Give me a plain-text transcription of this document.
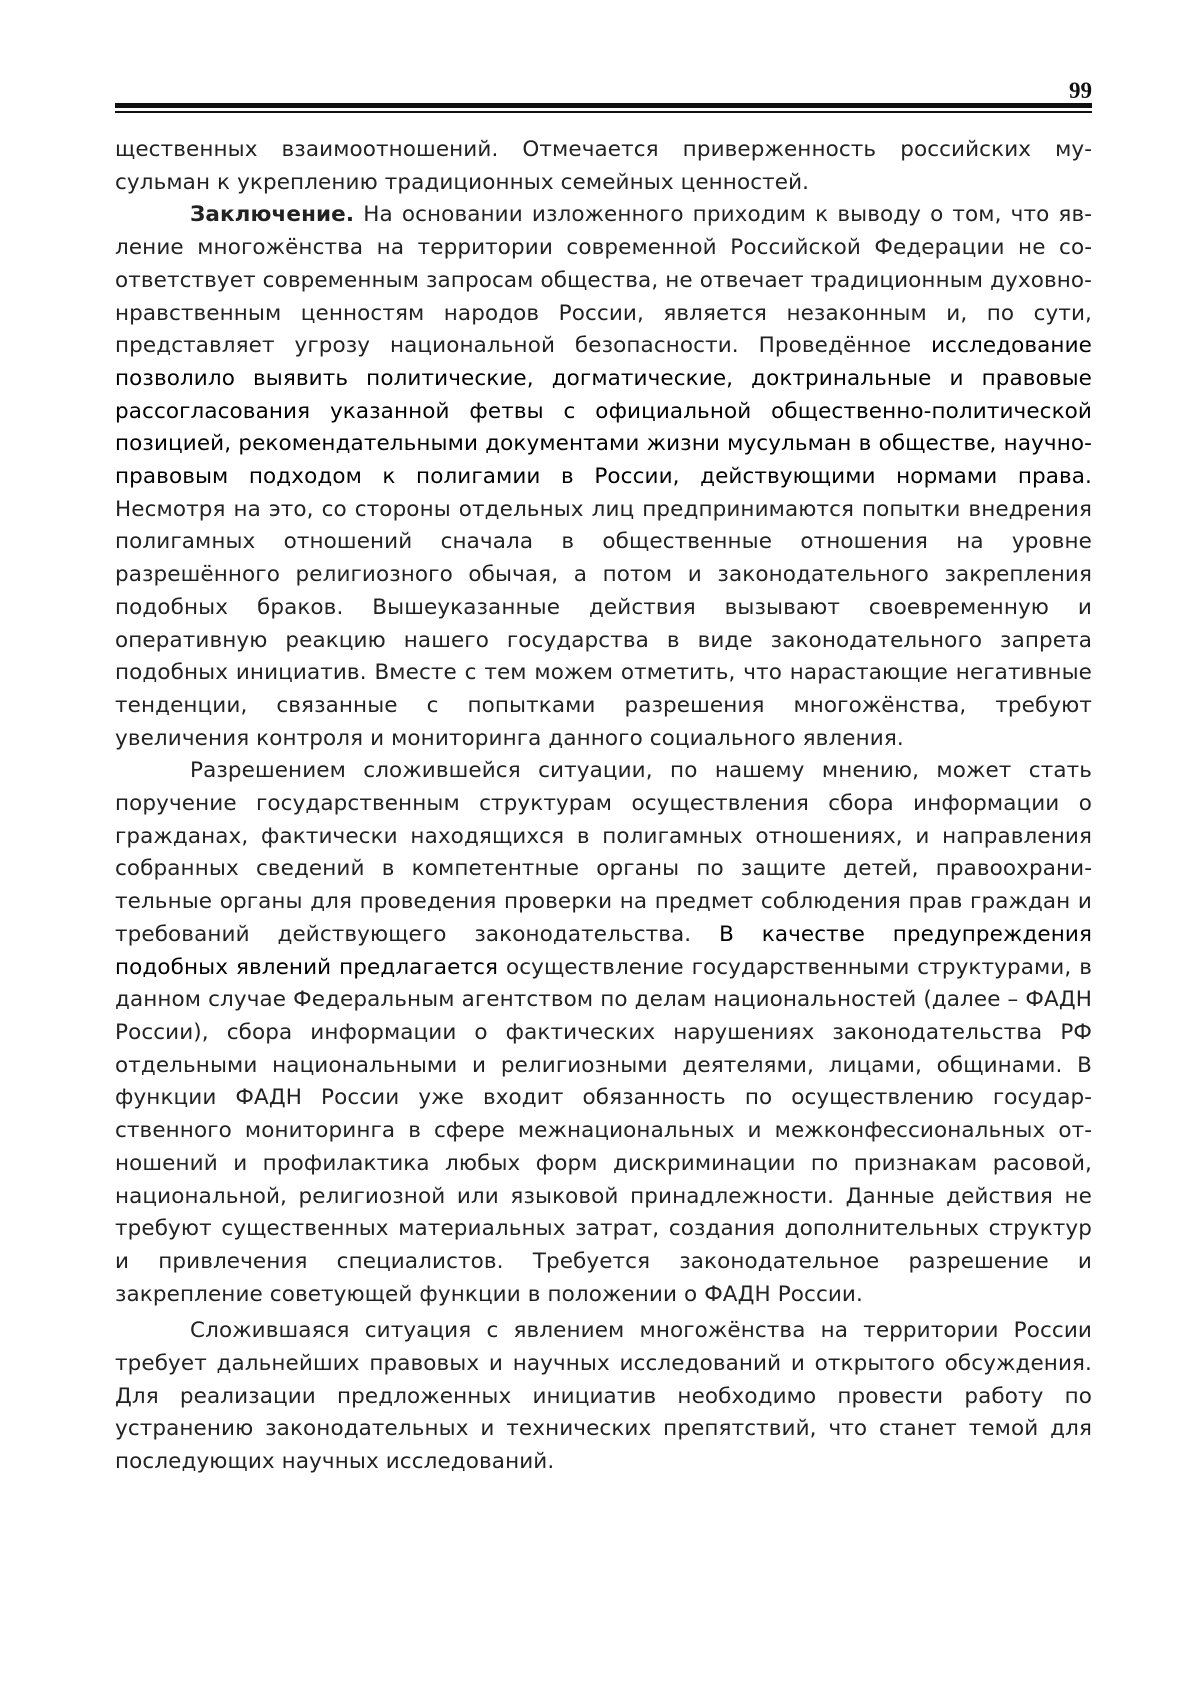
99

щественных взаимоотношений. Отмечается приверженность российских мусульман к укреплению традиционных семейных ценностей.

Заключение. На основании изложенного приходим к выводу о том, что явление многожёнства на территории современной Российской Федерации не соответствует современным запросам общества, не отвечает традиционным духовно-нравственным ценностям народов России, является незаконным и, по сути, представляет угрозу национальной безопасности. Проведённое исследование позволило выявить политические, догматические, доктринальные и правовые рассогласования указанной фетвы с официальной общественно-политической позицией, рекомендательными документами жизни мусульман в обществе, научно-правовым подходом к полигамии в России, действующими нормами права. Несмотря на это, со стороны отдельных лиц предпринимаются попытки внедрения полигамных отношений сначала в общественные отношения на уровне разрешённого религиозного обычая, а потом и законодательного закрепления подобных браков. Вышеуказанные действия вызывают своевременную и оперативную реакцию нашего государства в виде законодательного запрета подобных инициатив. Вместе с тем можем отметить, что нарастающие негативные тенденции, связанные с попытками разрешения многожёнства, требуют увеличения контроля и мониторинга данного социального явления.

Разрешением сложившейся ситуации, по нашему мнению, может стать поручение государственным структурам осуществления сбора информации о гражданах, фактически находящихся в полигамных отношениях, и направления собранных сведений в компетентные органы по защите детей, правоохранительные органы для проведения проверки на предмет соблюдения прав граждан и требований действующего законодательства. В качестве предупреждения подобных явлений предлагается осуществление государственными структурами, в данном случае Федеральным агентством по делам национальностей (далее – ФАДН России), сбора информации о фактических нарушениях законодательства РФ отдельными национальными и религиозными деятелями, лицами, общинами. В функции ФАДН России уже входит обязанность по осуществлению государственного мониторинга в сфере межнациональных и межконфессиональных отношений и профилактика любых форм дискриминации по признакам расовой, национальной, религиозной или языковой принадлежности. Данные действия не требуют существенных материальных затрат, создания дополнительных структур и привлечения специалистов. Требуется законодательное разрешение и закрепление советующей функции в положении о ФАДН России.

Сложившаяся ситуация с явлением многожёнства на территории России требует дальнейших правовых и научных исследований и открытого обсуждения. Для реализации предложенных инициатив необходимо провести работу по устранению законодательных и технических препятствий, что станет темой для последующих научных исследований.
